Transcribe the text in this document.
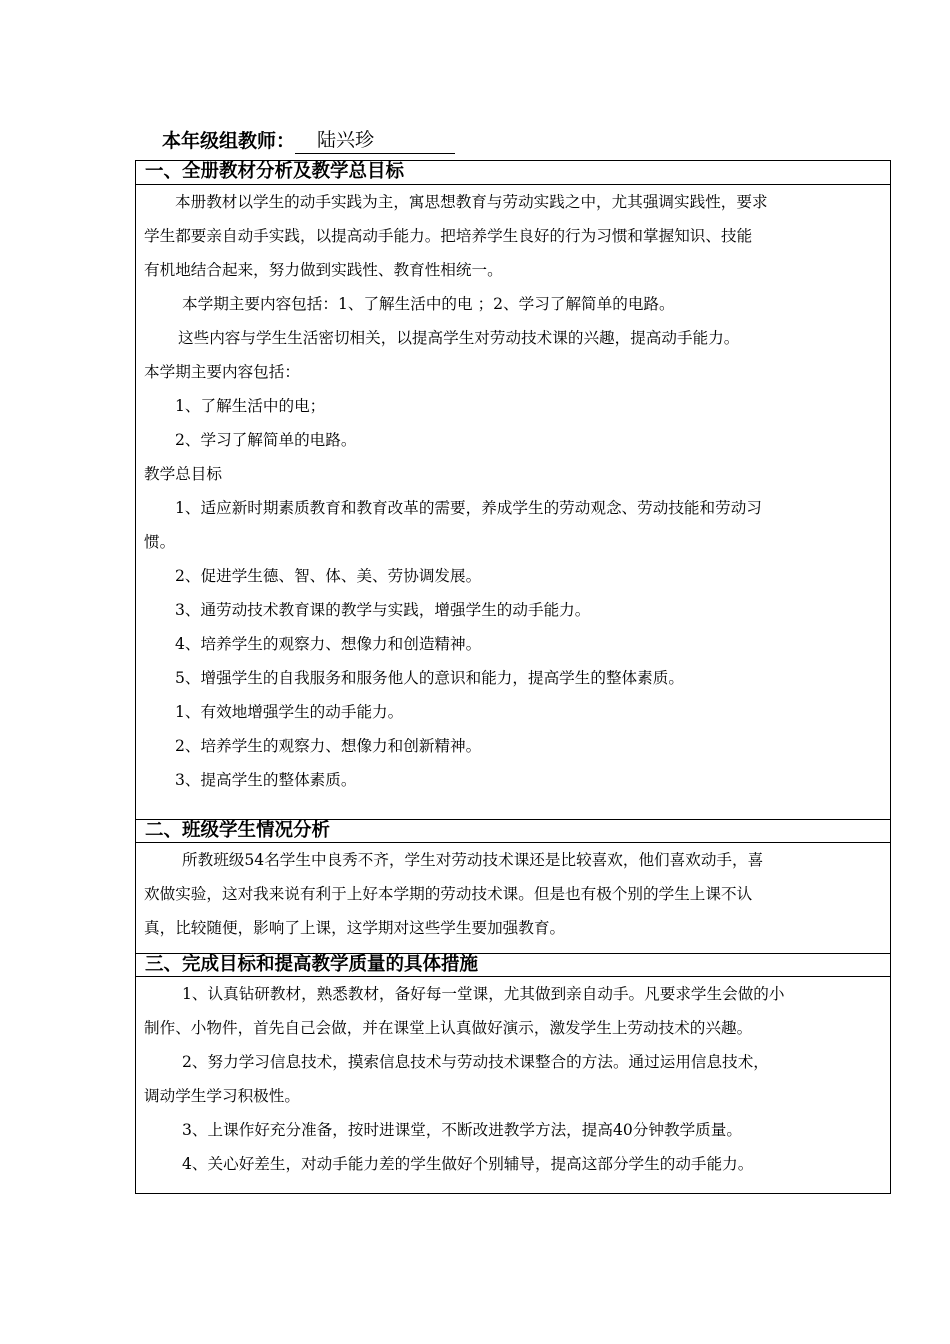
本年级组教师：	陆兴珍
一、全册教材分析及教学总目标

本册教材以学生的动手实践为主，寓思想教育与劳动实践之中，尤其强调实践性，要求

学生都要亲自动手实践，以提高动手能力。把培养学生良好的行为习惯和掌握知识、技能

有机地结合起来，努力做到实践性、教育性相统一。

本学期主要内容包括：1、了解生活中的电 ；2、学习了解简单的电路。

这些内容与学生生活密切相关，以提高学生对劳动技术课的兴趣，提高动手能力。

本学期主要内容包括：

1、了解生活中的电；

2、学习了解简单的电路。

教学总目标

1、适应新时期素质教育和教育改革的需要，养成学生的劳动观念、劳动技能和劳动习

惯。

2、促进学生德、智、体、美、劳协调发展。

3、通劳动技术教育课的教学与实践，增强学生的动手能力。

4、培养学生的观察力、想像力和创造精神。

5、增强学生的自我服务和服务他人的意识和能力，提高学生的整体素质。

1、有效地增强学生的动手能力。

2、培养学生的观察力、想像力和创新精神。

3、提高学生的整体素质。

二、班级学生情况分析

所教班级54名学生中良秀不齐，学生对劳动技术课还是比较喜欢，他们喜欢动手，喜

欢做实验，这对我来说有利于上好本学期的劳动技术课。但是也有极个别的学生上课不认

真，比较随便，影响了上课，这学期对这些学生要加强教育。

三、完成目标和提高教学质量的具体措施

1、认真钻研教材，熟悉教材，备好每一堂课，尤其做到亲自动手。凡要求学生会做的小

制作、小物件，首先自己会做，并在课堂上认真做好演示，激发学生上劳动技术的兴趣。

2、努力学习信息技术，摸索信息技术与劳动技术课整合的方法。通过运用信息技术，

调动学生学习积极性。

3、上课作好充分准备，按时进课堂，不断改进教学方法，提高40分钟教学质量。

4、关心好差生，对动手能力差的学生做好个别辅导，提高这部分学生的动手能力。
